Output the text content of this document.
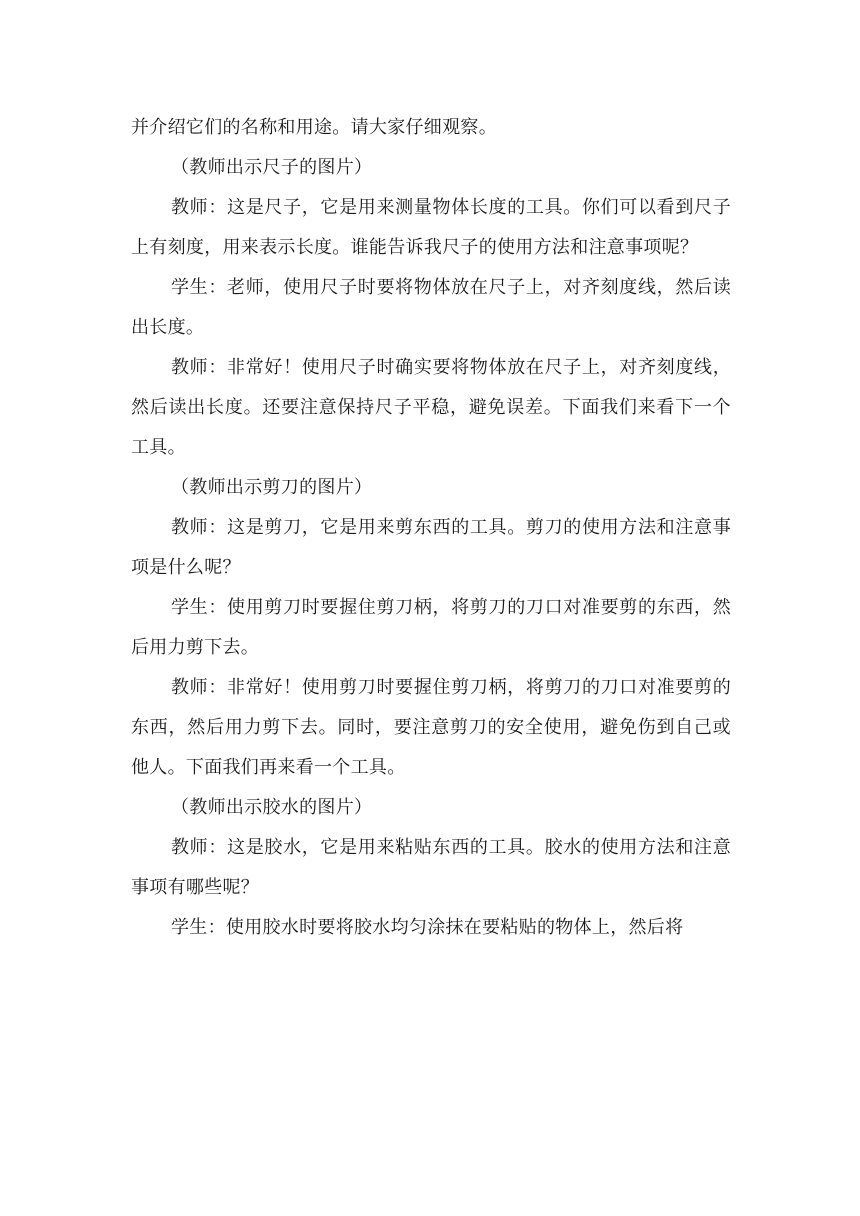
并介绍它们的名称和用途。请大家仔细观察。

（教师出示尺子的图片）

教师：这是尺子，它是用来测量物体长度的工具。你们可以看到尺子上有刻度，用来表示长度。谁能告诉我尺子的使用方法和注意事项呢？

学生：老师，使用尺子时要将物体放在尺子上，对齐刻度线，然后读出长度。

教师：非常好！使用尺子时确实要将物体放在尺子上，对齐刻度线，然后读出长度。还要注意保持尺子平稳，避免误差。下面我们来看下一个工具。

（教师出示剪刀的图片）

教师：这是剪刀，它是用来剪东西的工具。剪刀的使用方法和注意事项是什么呢？

学生：使用剪刀时要握住剪刀柄，将剪刀的刀口对准要剪的东西，然后用力剪下去。

教师：非常好！使用剪刀时要握住剪刀柄，将剪刀的刀口对准要剪的东西，然后用力剪下去。同时，要注意剪刀的安全使用，避免伤到自己或他人。下面我们再来看一个工具。

（教师出示胶水的图片）

教师：这是胶水，它是用来粘贴东西的工具。胶水的使用方法和注意事项有哪些呢？

学生：使用胶水时要将胶水均匀涂抹在要粘贴的物体上，然后将
